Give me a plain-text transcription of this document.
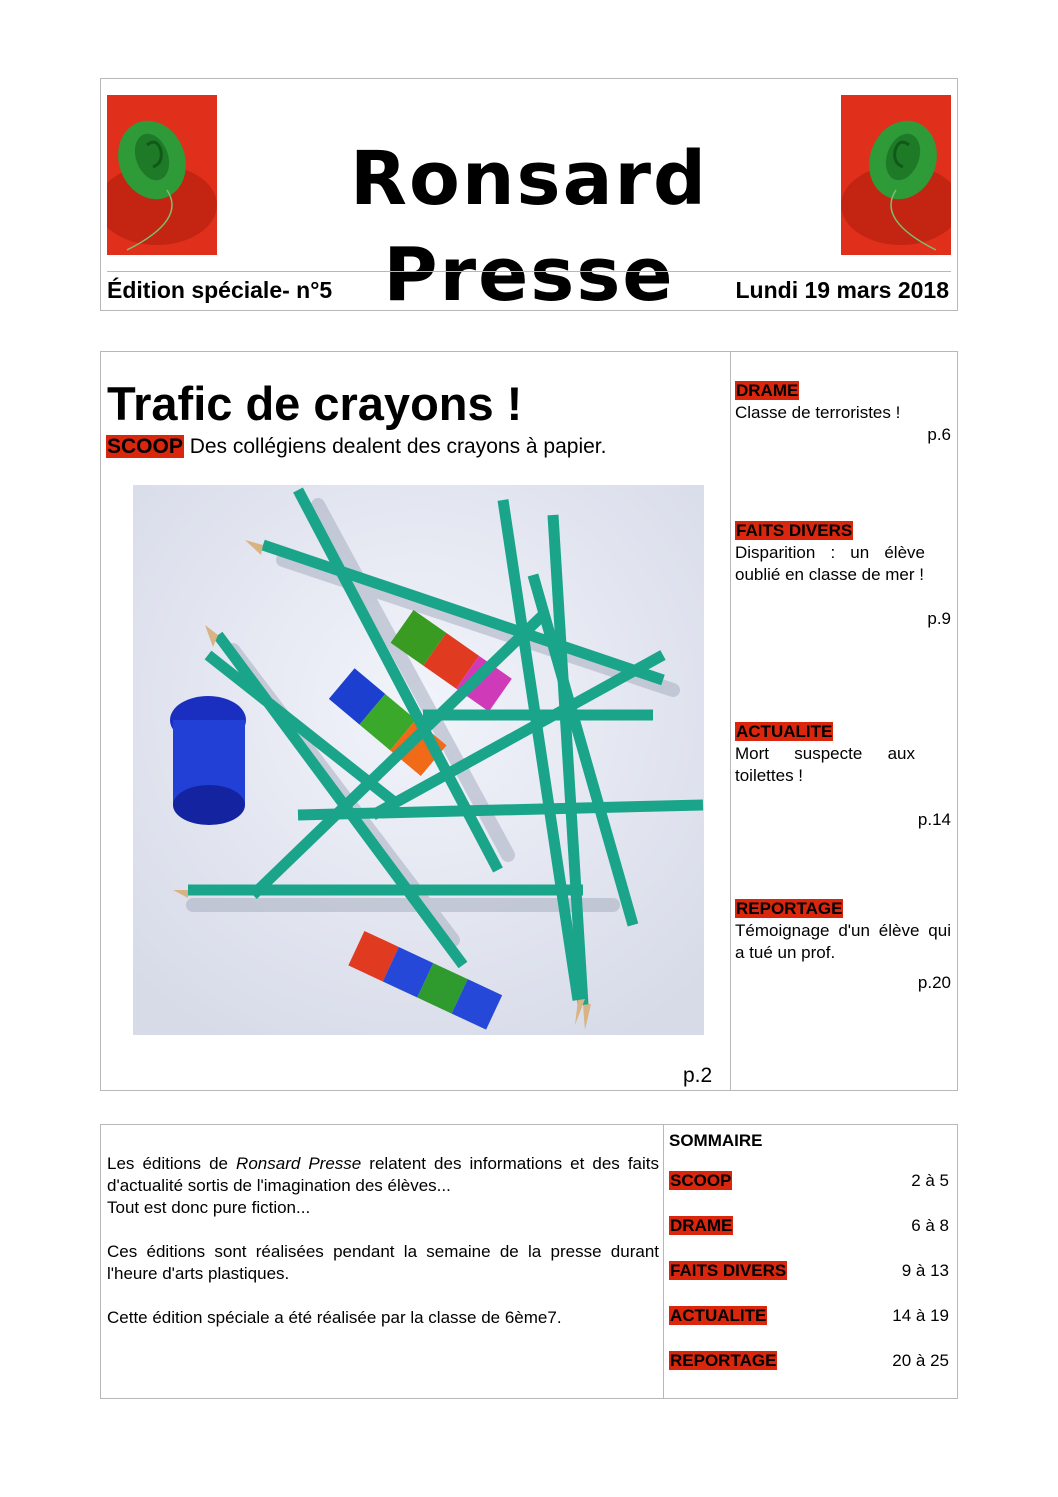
Ronsard Presse
Édition spéciale- n°5	Lundi 19 mars 2018
Trafic de crayons !
SCOOP Des collégiens dealent des crayons à papier.
p.2
DRAME
Classe de terroristes !
p.6
FAITS DIVERS
Disparition : un élève oublié en classe de mer !
p.9
ACTUALITE
Mort suspecte aux toilettes !
p.14
REPORTAGE
Témoignage d'un élève qui a tué un prof.
p.20

Les éditions de Ronsard Presse relatent des informations et des faits d'actualité sortis de l'imagination des élèves...
Tout est donc pure fiction...

Ces éditions sont réalisées pendant la semaine de la presse durant l'heure d'arts plastiques.

Cette édition spéciale a été réalisée par la classe de 6ème7.

SOMMAIRE
SCOOP	2 à 5
DRAME	6 à 8
FAITS DIVERS	9 à 13
ACTUALITE	14 à 19
REPORTAGE	20 à 25
